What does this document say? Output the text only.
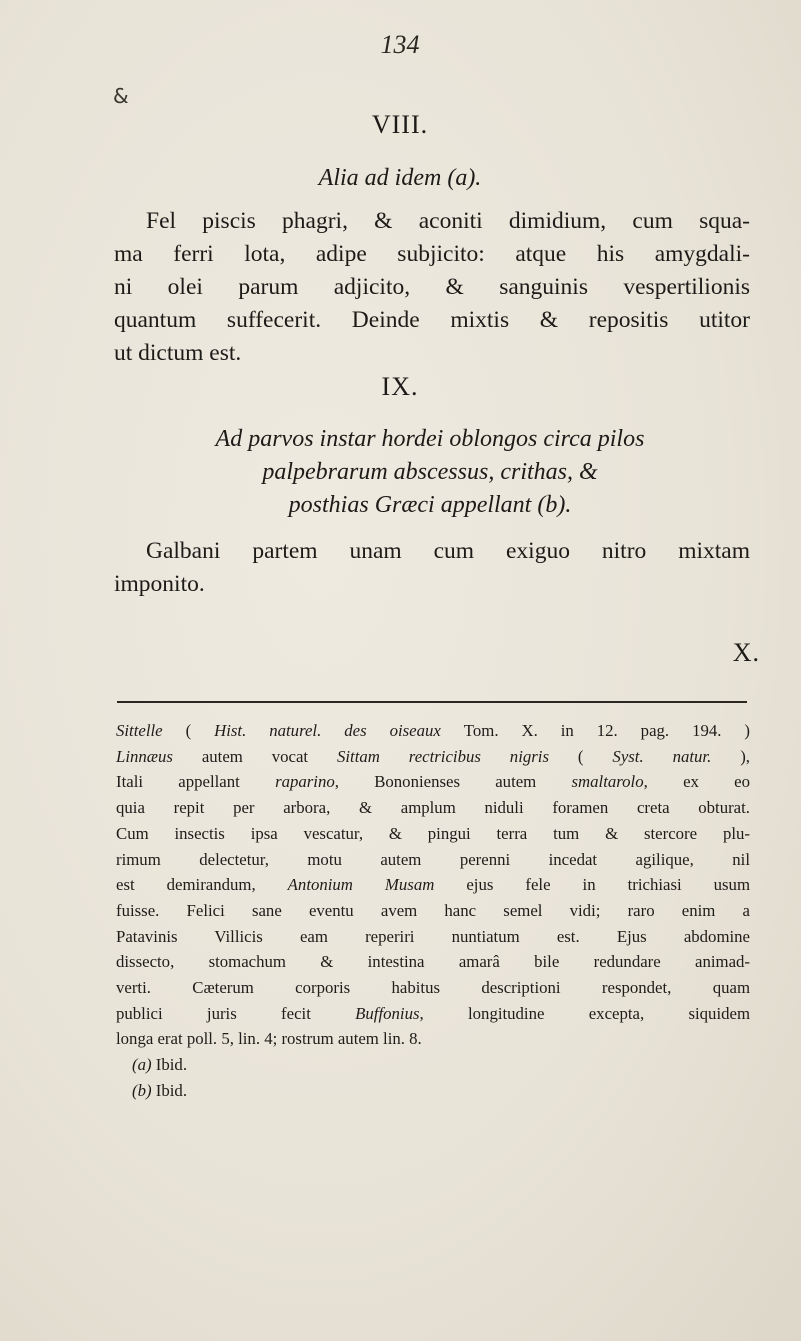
134
&
VIII.
Alia ad idem (a).
Fel piscis phagri, & aconiti dimidium, cum squa-
ma ferri lota, adipe subjicito: atque his amygdali-
ni olei parum adjicito, & sanguinis vespertilionis
quantum suffecerit. Deinde mixtis & repositis utitor
ut dictum est.
IX.
Ad parvos instar hordei oblongos circa pilos
palpebrarum abscessus, crithas, &
posthias Græci appellant (b).
Galbani partem unam cum exiguo nitro mixtam
imponito.
X.
Sittelle ( Hist. naturel. des oiseaux Tom. X. in 12. pag. 194. )
Linnæus autem vocat Sittam rectricibus nigris ( Syst. natur. ),
Itali appellant raparino, Bononienses autem smaltarolo, ex eo
quia repit per arbora, & amplum niduli foramen creta obturat.
Cum insectis ipsa vescatur, & pingui terra tum & stercore plu-
rimum delectetur, motu autem perenni incedat agilique, nil
est demirandum, Antonium Musam ejus fele in trichiasi usum
fuisse. Felici sane eventu avem hanc semel vidi; raro enim a
Patavinis Villicis eam reperiri nuntiatum est. Ejus abdomine
dissecto, stomachum & intestina amarâ bile redundare animad-
verti. Cæterum corporis habitus descriptioni respondet, quam
publici juris fecit Buffonius, longitudine excepta, siquidem
longa erat poll. 5, lin. 4; rostrum autem lin. 8.
(a) Ibid.
(b) Ibid.
